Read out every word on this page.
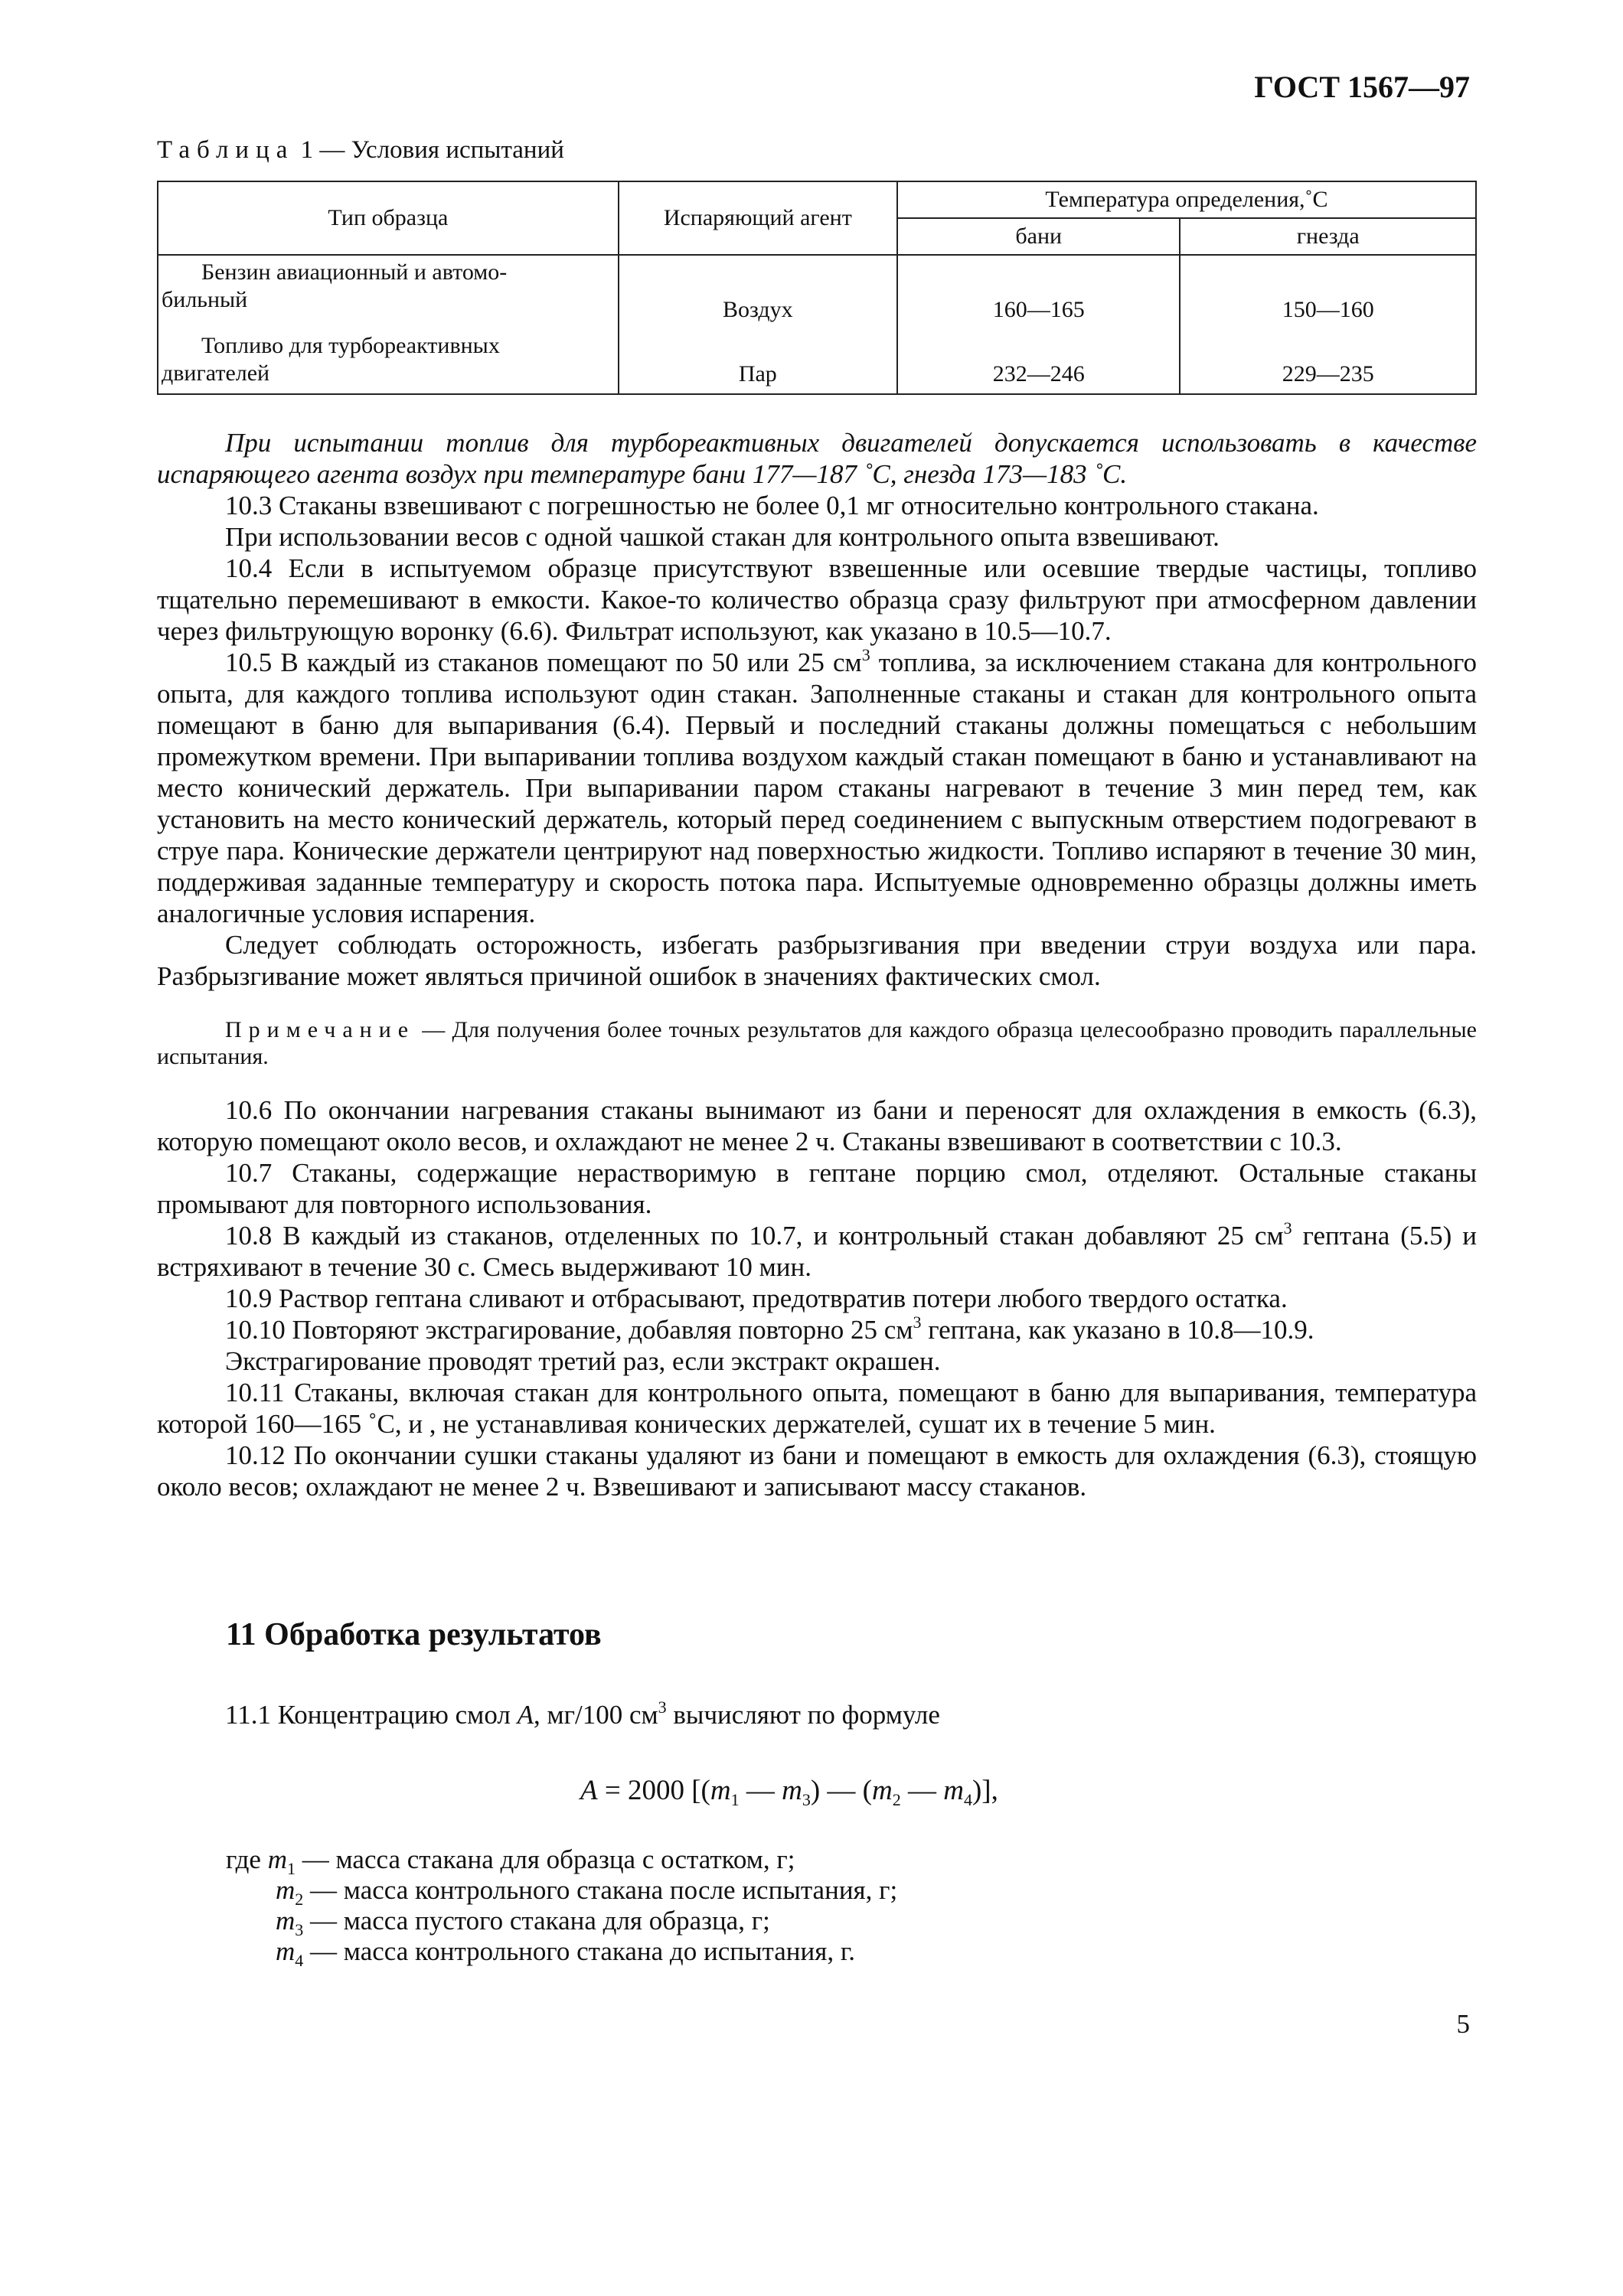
ГОСТ 1567—97
Таблица 1 — Условия испытаний
Тип образца	Испаряющий агент	Температура определения,˚С	
		бани	гнезда
Бензин авиационный и автомо-
бильный	Воздух	160—165	150—160
Топливо для турбореактивных
двигателей	Пар	232—246	229—235

При испытании топлив для турбореактивных двигателей допускается использовать в качестве испаряющего агента воздух при температуре бани 177—187 ˚С, гнезда 173—183 ˚С.

10.3 Стаканы взвешивают с погрешностью не более 0,1 мг относительно контрольного стакана.

При использовании весов с одной чашкой стакан для контрольного опыта взвешивают.

10.4 Если в испытуемом образце присутствуют взвешенные или осевшие твердые частицы, топливо тщательно перемешивают в емкости. Какое-то количество образца сразу фильтруют при атмосферном давлении через фильтрующую воронку (6.6). Фильтрат используют, как указано в 10.5—10.7.

10.5 В каждый из стаканов помещают по 50 или 25 $см^3$ топлива, за исключением стакана для контрольного опыта, для каждого топлива используют один стакан. Заполненные стаканы и стакан для контрольного опыта помещают в баню для выпаривания (6.4). Первый и последний стаканы должны помещаться с небольшим промежутком времени. При выпаривании топлива воздухом каждый стакан помещают в баню и устанавливают на место конический держатель. При выпаривании паром стаканы нагревают в течение 3 мин перед тем, как установить на место конический держатель, который перед соединением с выпускным отверстием подогревают в струе пара. Конические держатели центрируют над поверхностью жидкости. Топливо испаряют в течение 30 мин, поддерживая заданные температуру и скорость потока пара. Испытуемые одновременно образцы должны иметь аналогичные условия испарения.

Следует соблюдать осторожность, избегать разбрызгивания при введении струи воздуха или пара. Разбрызгивание может являться причиной ошибок в значениях фактических смол.

Примечание — Для получения более точных результатов для каждого образца целесообразно проводить параллельные испытания.

10.6 По окончании нагревания стаканы вынимают из бани и переносят для охлаждения в емкость (6.3), которую помещают около весов, и охлаждают не менее 2 ч. Стаканы взвешивают в соответствии с 10.3.

10.7 Стаканы, содержащие нерастворимую в гептане порцию смол, отделяют. Остальные стаканы промывают для повторного использования.

10.8 В каждый из стаканов, отделенных по 10.7, и контрольный стакан добавляют 25 $см^3$ гептана (5.5) и встряхивают в течение 30 с. Смесь выдерживают 10 мин.

10.9 Раствор гептана сливают и отбрасывают, предотвратив потери любого твердого остатка.

10.10 Повторяют экстрагирование, добавляя повторно 25 $см^3$ гептана, как указано в 10.8—10.9.

Экстрагирование проводят третий раз, если экстракт окрашен.

10.11 Стаканы, включая стакан для контрольного опыта, помещают в баню для выпаривания, температура которой 160—165 ˚С, и , не устанавливая конических держателей, сушат их в течение 5 мин.

10.12 По окончании сушки стаканы удаляют из бани и помещают в емкость для охлаждения (6.3), стоящую около весов; охлаждают не менее 2 ч. Взвешивают и записывают массу стаканов.

11 Обработка результатов

11.1 Концентрацию смол А, мг/100 $см^3$ вычисляют по формуле

А = 2000 [($m_1$ — $m_3$) — ($m_2$ — $m_4$)],
где $m_1$ — масса стакана для образца с остатком, г;
$m_2$ — масса контрольного стакана после испытания, г;
$m_3$ — масса пустого стакана для образца, г;
$m_4$ — масса контрольного стакана до испытания, г.
5
